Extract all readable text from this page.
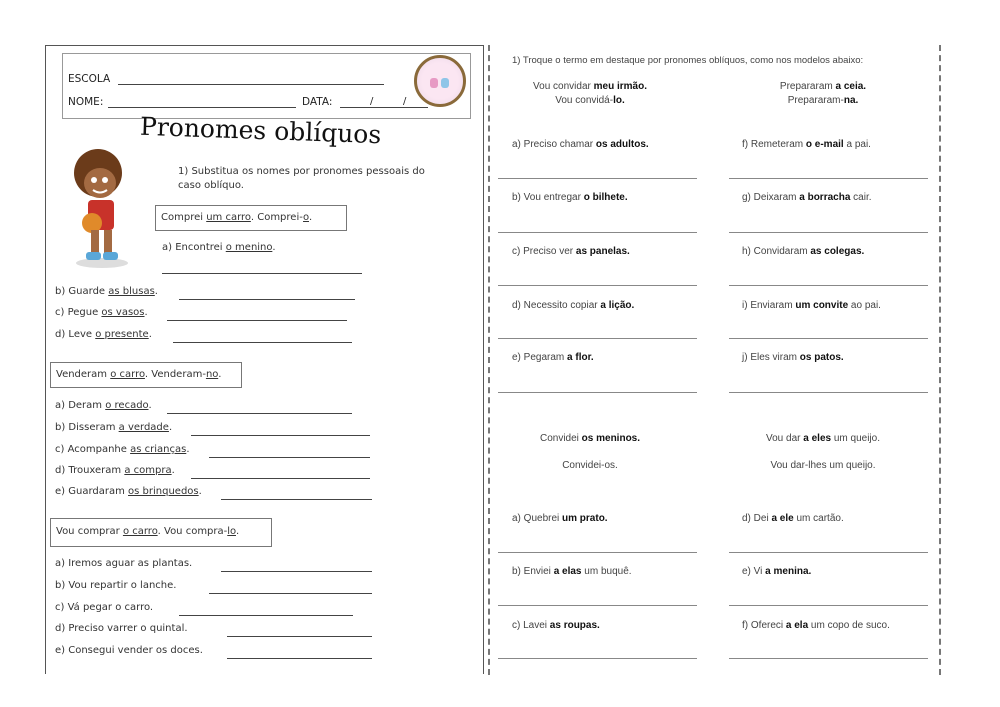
ESCOLA
NOME:	DATA:	/	/
Pronomes oblíquos
1) Substitua os nomes por pronomes pessoais do caso oblíquo.
Comprei um carro. Comprei-o.
a) Encontrei o menino.
b) Guarde as blusas.
c) Pegue os vasos.
d) Leve o presente.
Venderam o carro. Venderam-no.
a) Deram o recado.
b) Disseram a verdade.
c) Acompanhe as crianças.
d) Trouxeram a compra.
e) Guardaram os brinquedos.
Vou comprar o carro. Vou compra-lo.
a) Iremos aguar as plantas.
b) Vou repartir o lanche.
c) Vá pegar o carro.
d) Preciso varrer o quintal.
e) Consegui vender os doces.
1) Troque o termo em destaque por pronomes oblíquos, como nos modelos abaixo:
Vou convidar meu irmão.
Vou convidá-lo.
Prepararam a ceia.
Prepararam-na.
Convidei os meninos.
Convidei-os.
Vou dar a eles um queijo.
Vou dar-lhes um queijo.
a) Preciso chamar os adultos.
b) Vou entregar o bilhete.
c) Preciso ver as panelas.
d) Necessito copiar a lição.
e) Pegaram a flor.
f) Remeteram o e-mail a pai.
g) Deixaram a borracha cair.
h) Convidaram as colegas.
i) Enviaram um convite ao pai.
j) Eles viram os patos.
a) Quebrei um prato.
b) Enviei a elas um buquê.
c) Lavei as roupas.
d) Dei a ele um cartão.
e) Vi a menina.
f) Ofereci a ela um copo de suco.
